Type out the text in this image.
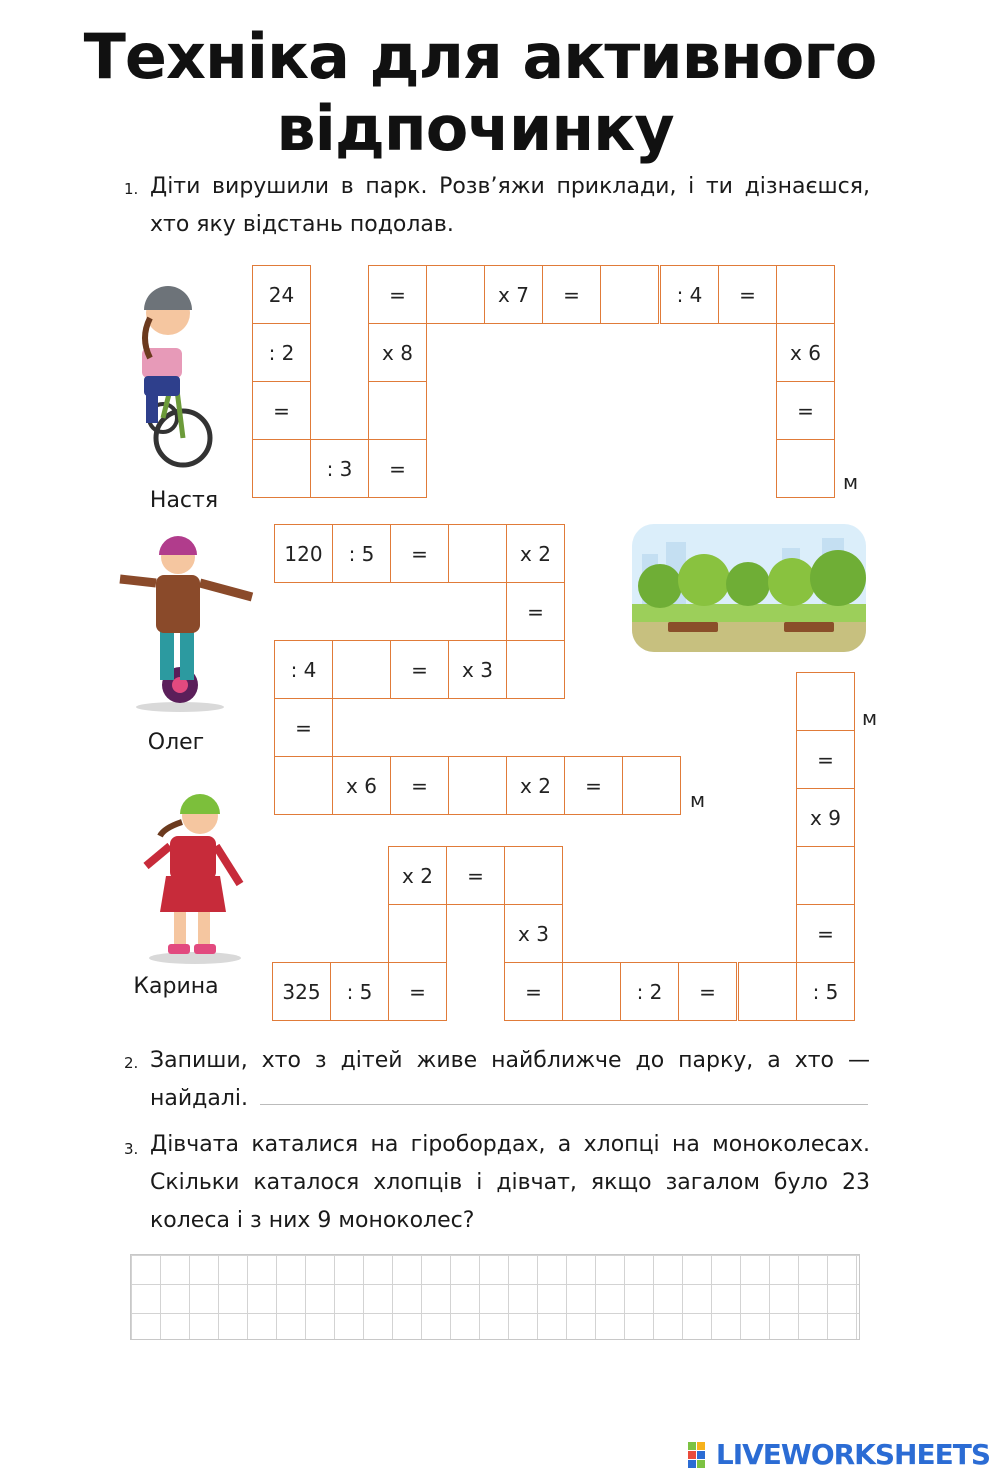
Техніка для активного
відпочинку
1. Діти вирушили в парк. Розв’яжи приклади, і ти дізнаєшся, хто яку відстань подолав.
Настя
Олег
Карина
24
: 2
=
: 3	=
х 8
=	х 7	=	: 4	=
х 6
=
м
120	: 5	=	х 2
=
х 3
=
: 4
=
х 6	=	х 2	=
м
325	: 5	=
х 2	=
х 3
=	: 2	=	: 5
=
х 9
=
м
2. Запиши, хто з дітей живе найближче до парку, а хто — найдалі.
3. Дівчата каталися на гіробордах, а хлопці на моноколесах. Скільки каталося хлопців і дівчат, якщо загалом було 23 колеса і з них 9 моноколес?
LIVEWORKSHEETS
